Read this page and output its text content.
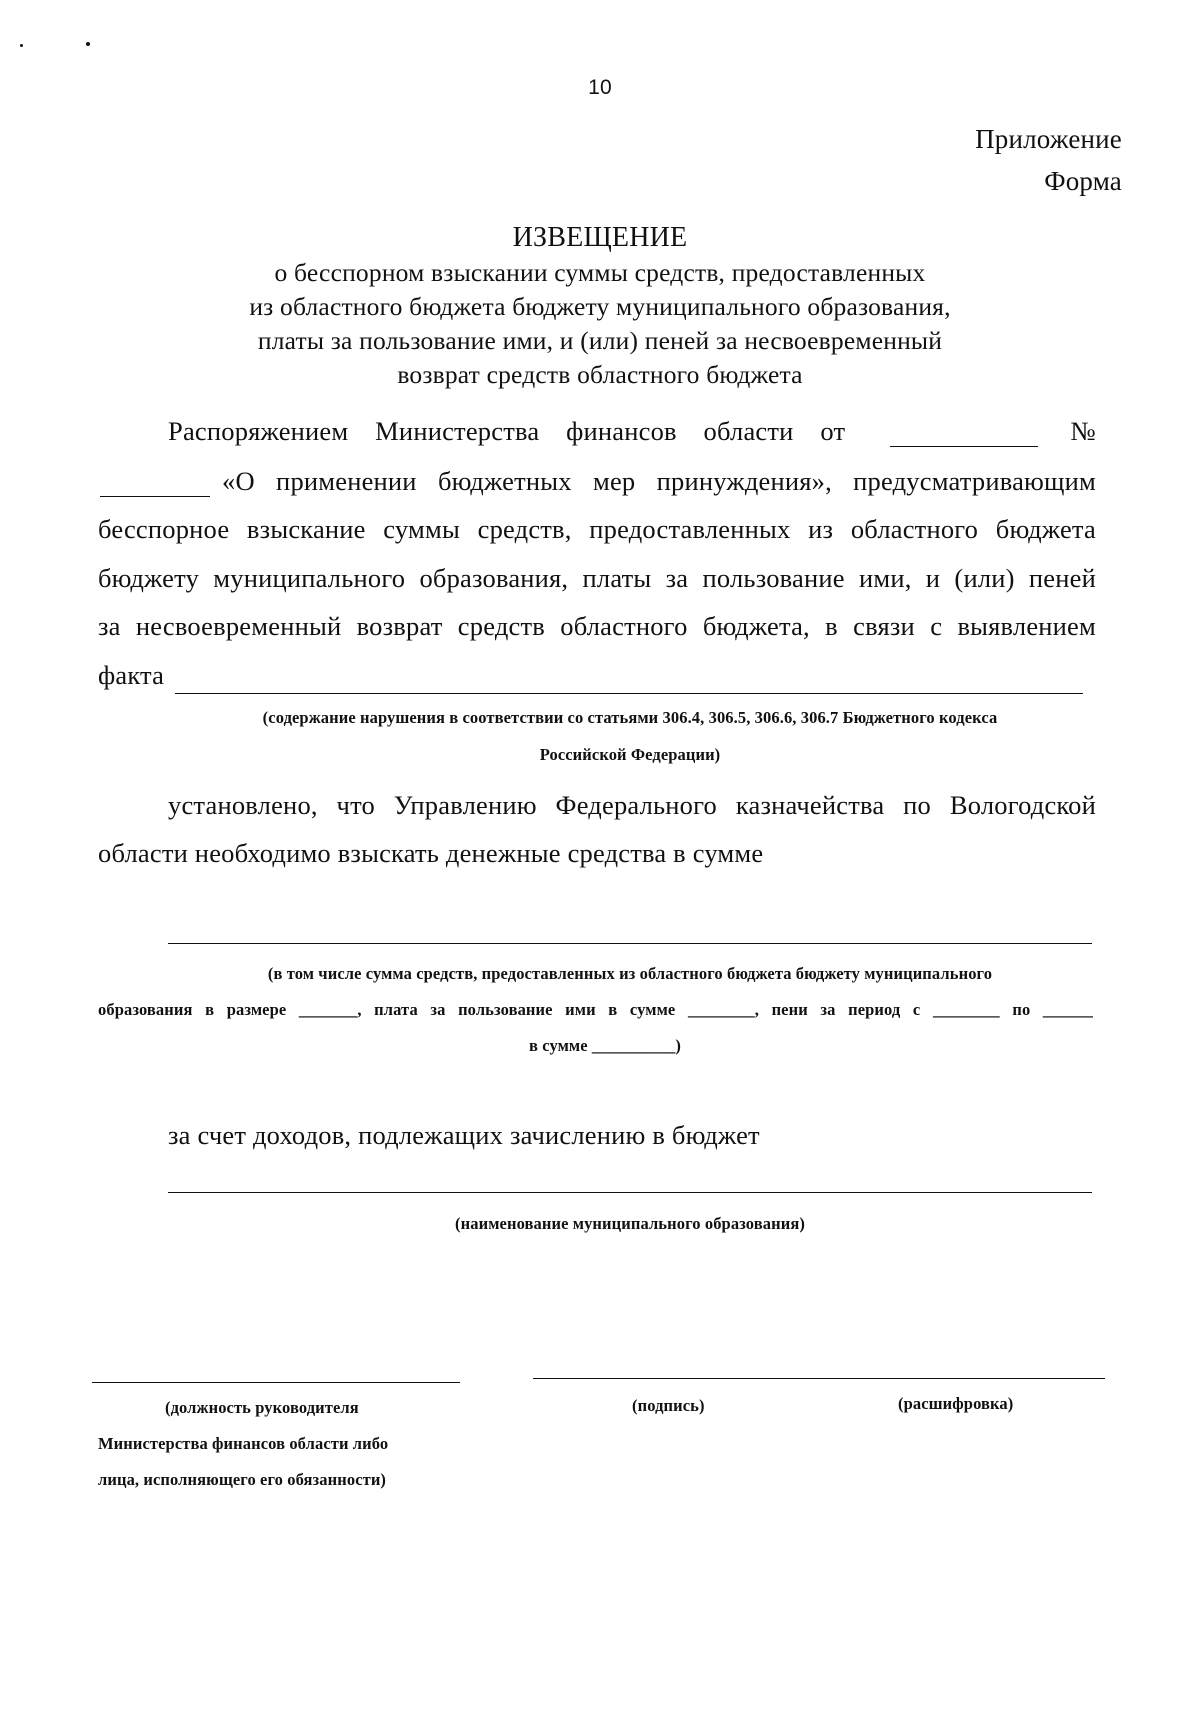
10
Приложение
Форма
ИЗВЕЩЕНИЕ
о бесспорном взыскании суммы средств, предоставленных
из областного бюджета бюджету муниципального образования,
платы за пользование ими, и (или) пеней за несвоевременный
возврат средств областного бюджета
Распоряжением Министерства финансов области от	№
«О применении бюджетных мер принуждения», предусматривающим
бесспорное взыскание суммы средств, предоставленных из областного бюджета
бюджету муниципального образования, платы за пользование ими, и (или) пеней
за несвоевременный возврат средств областного бюджета, в связи с выявлением
факта
(содержание нарушения в соответствии со статьями 306.4, 306.5, 306.6, 306.7 Бюджетного кодекса
Российской Федерации)
установлено, что Управлению Федерального казначейства по Вологодской
области необходимо взыскать денежные средства в сумме
(в том числе сумма средств, предоставленных из областного бюджета бюджету муниципального
образования в размере _______, плата за пользование ими в сумме ________, пени за период с ________ по ______
в сумме __________)
за счет доходов, подлежащих зачислению в бюджет
(наименование муниципального образования)
(должность руководителя
Министерства финансов области либо
лица, исполняющего его обязанности)
(подпись)	(расшифровка)
